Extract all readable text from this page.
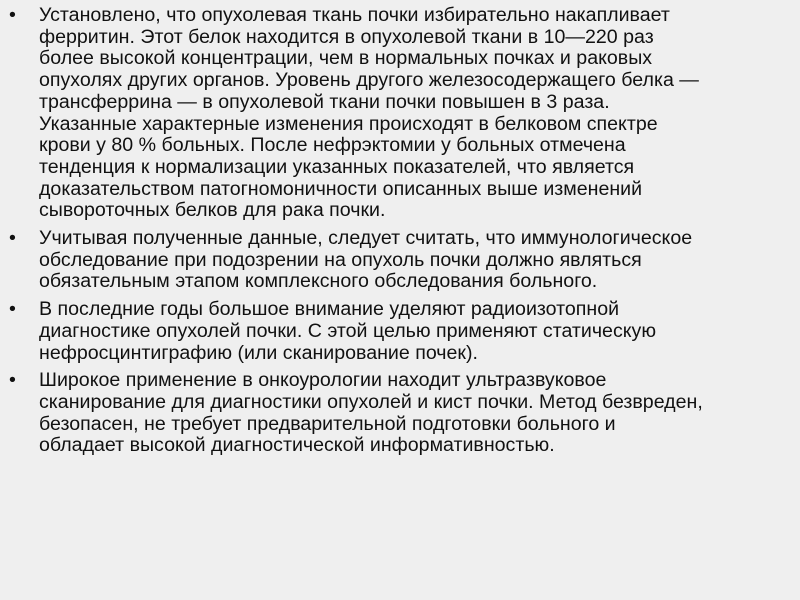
•	Установлено, что опухолевая ткань почки избирательно накапливает
ферритин. Этот белок находится в опухолевой ткани в 10—220 раз
более высокой концентрации, чем в нормальных почках и раковых
опухолях других органов. Уровень другого железосодержащего белка —
трансферрина — в опухолевой ткани почки повышен в 3 раза.
Указанные характерные изменения происходят в белковом спектре
крови у 80 % больных. После нефрэктомии у больных отмечена
тенденция к нормализации указанных показателей, что является
доказательством патогномоничности описанных выше изменений
сывороточных белков для рака почки.
•	Учитывая полученные данные, следует считать, что иммунологическое
обследование при подозрении на опухоль почки должно являться
обязательным этапом комплексного обследования больного.
•	В последние годы большое внимание уделяют радиоизотопной
диагностике опухолей почки. С этой целью применяют статическую
нефросцинтиграфию (или сканирование почек).
•	Широкое применение в онкоурологии находит ультразвуковое
сканирование для диагностики опухолей и кист почки. Метод безвреден,
безопасен, не требует предварительной подготовки больного и
обладает высокой диагностической информативностью.
